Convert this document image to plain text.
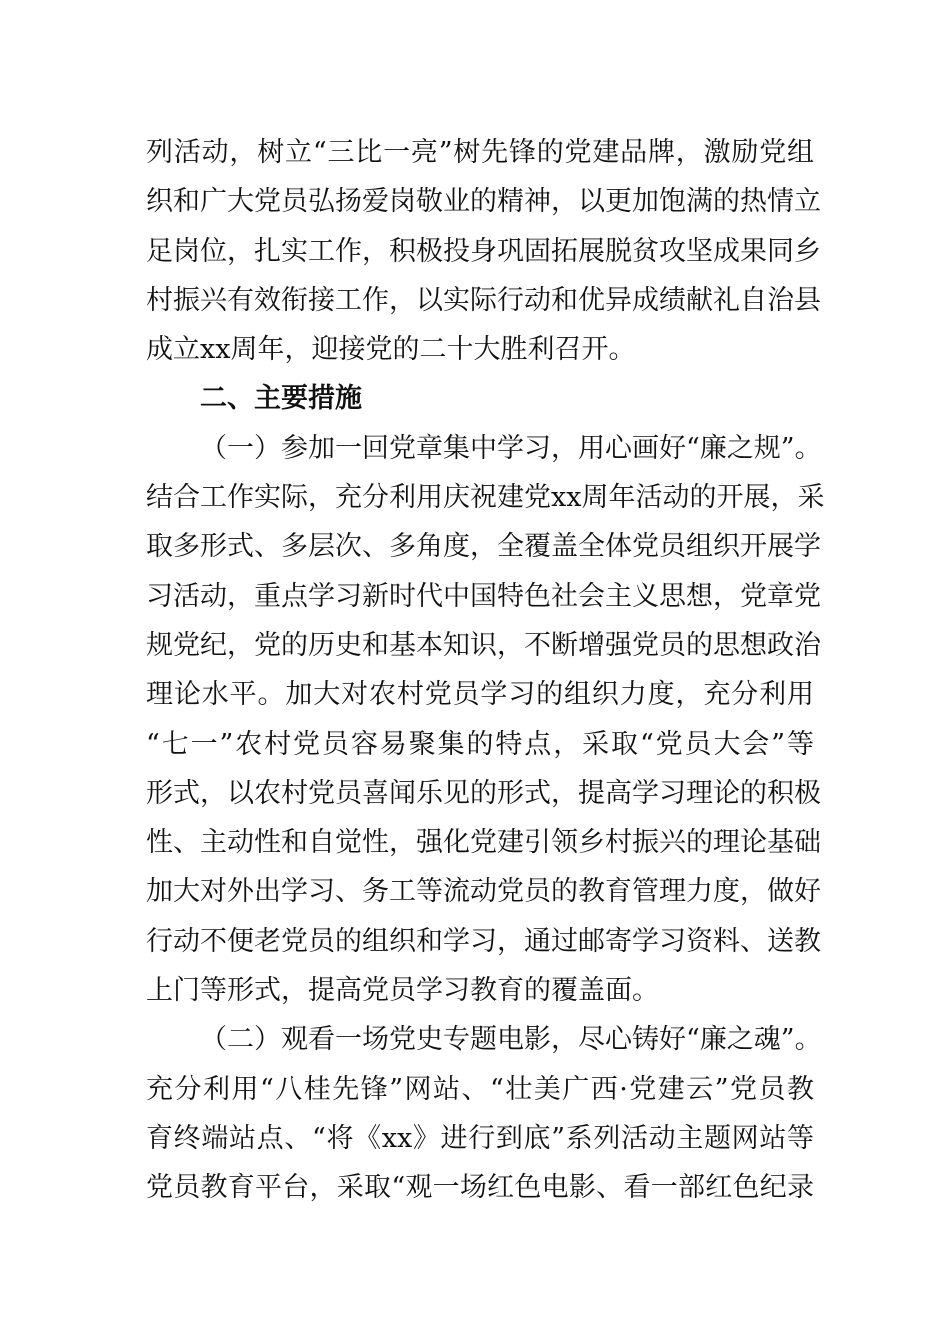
列活动，树立“三比一亮”树先锋的党建品牌，激励党组
织和广大党员弘扬爱岗敬业的精神，以更加饱满的热情立
足岗位，扎实工作，积极投身巩固拓展脱贫攻坚成果同乡
村振兴有效衔接工作，以实际行动和优异成绩献礼自治县
成立xx周年，迎接党的二十大胜利召开。
二、主要措施
（一）参加一回党章集中学习，用心画好“廉之规”。
结合工作实际，充分利用庆祝建党xx周年活动的开展，采
取多形式、多层次、多角度，全覆盖全体党员组织开展学
习活动，重点学习新时代中国特色社会主义思想，党章党
规党纪，党的历史和基本知识，不断增强党员的思想政治
理论水平。加大对农村党员学习的组织力度，充分利用
“七一”农村党员容易聚集的特点，采取“党员大会”等
形式，以农村党员喜闻乐见的形式，提高学习理论的积极
性、主动性和自觉性，强化党建引领乡村振兴的理论基础
加大对外出学习、务工等流动党员的教育管理力度，做好
行动不便老党员的组织和学习，通过邮寄学习资料、送教
上门等形式，提高党员学习教育的覆盖面。
（二）观看一场党史专题电影，尽心铸好“廉之魂”。
充分利用“八桂先锋”网站、“壮美广西·党建云”党员教
育终端站点、“将《xx》进行到底”系列活动主题网站等
党员教育平台，采取“观一场红色电影、看一部红色纪录
